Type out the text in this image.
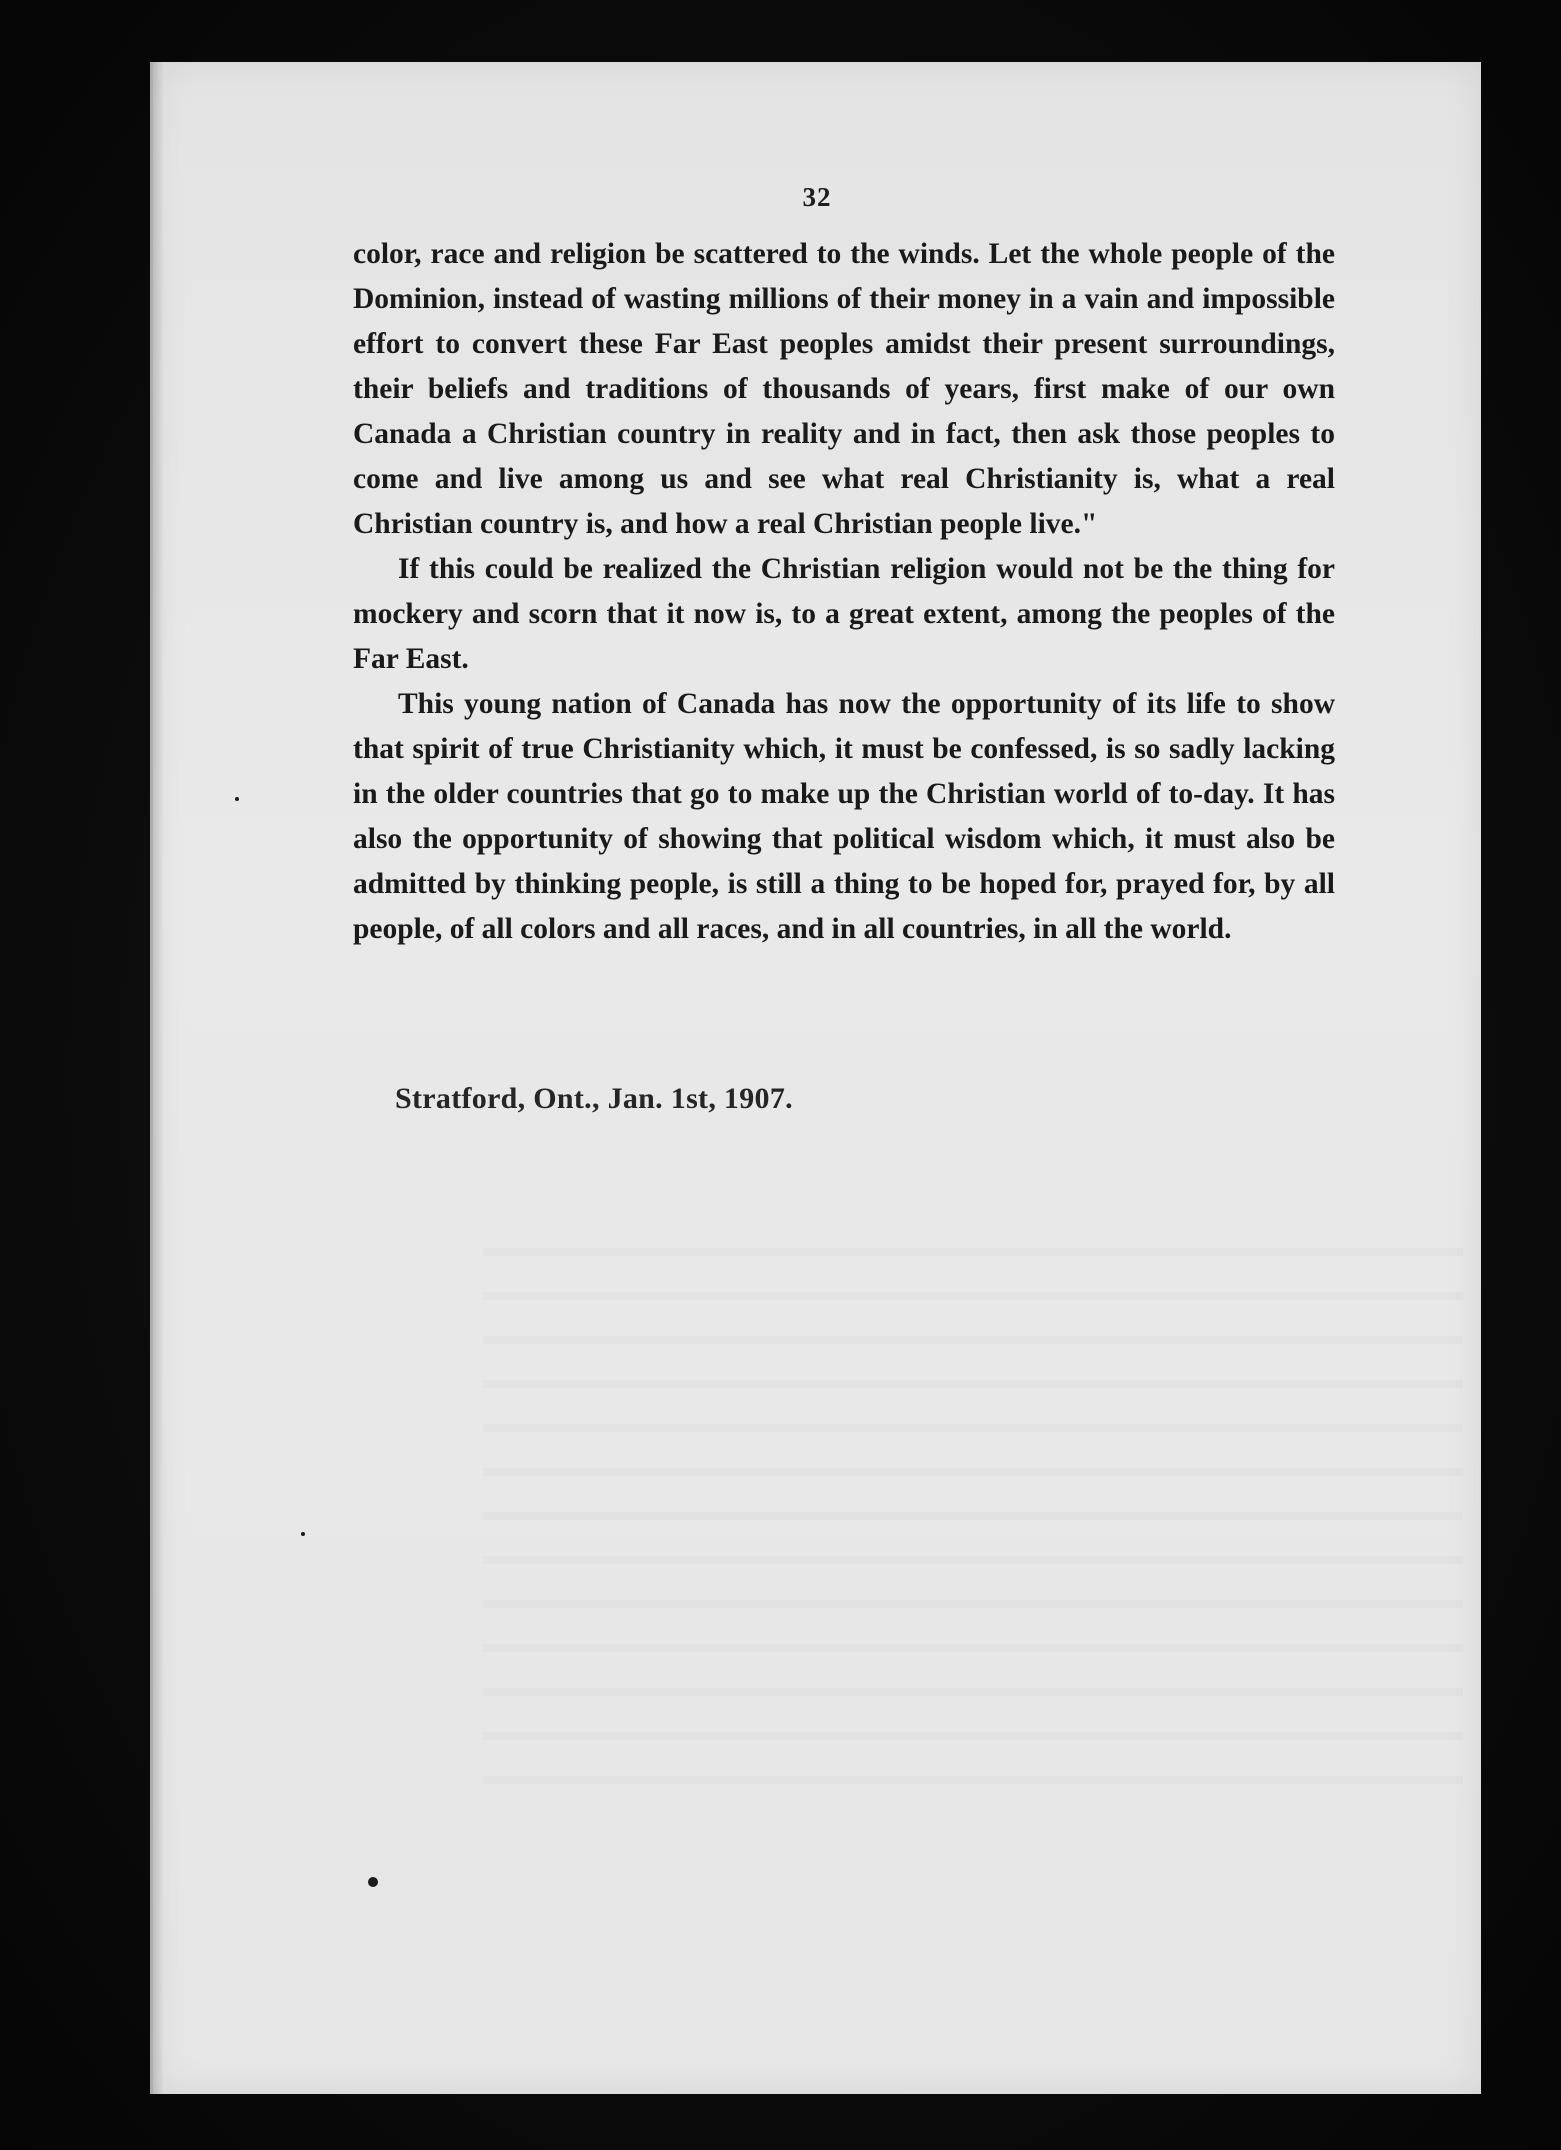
32

color, race and religion be scattered to the winds. Let the whole people of the Dominion, instead of wasting millions of their money in a vain and impossible effort to convert these Far East peoples amidst their present surroundings, their beliefs and traditions of thousands of years, first make of our own Canada a Christian country in reality and in fact, then ask those peoples to come and live among us and see what real Christianity is, what a real Christian country is, and how a real Christian people live."

If this could be realized the Christian religion would not be the thing for mockery and scorn that it now is, to a great extent, among the peoples of the Far East.

This young nation of Canada has now the opportunity of its life to show that spirit of true Christianity which, it must be confessed, is so sadly lacking in the older countries that go to make up the Christian world of to-day. It has also the opportunity of showing that political wisdom which, it must also be admitted by thinking people, is still a thing to be hoped for, prayed for, by all people, of all colors and all races, and in all countries, in all the world.

Stratford, Ont., Jan. 1st, 1907.
